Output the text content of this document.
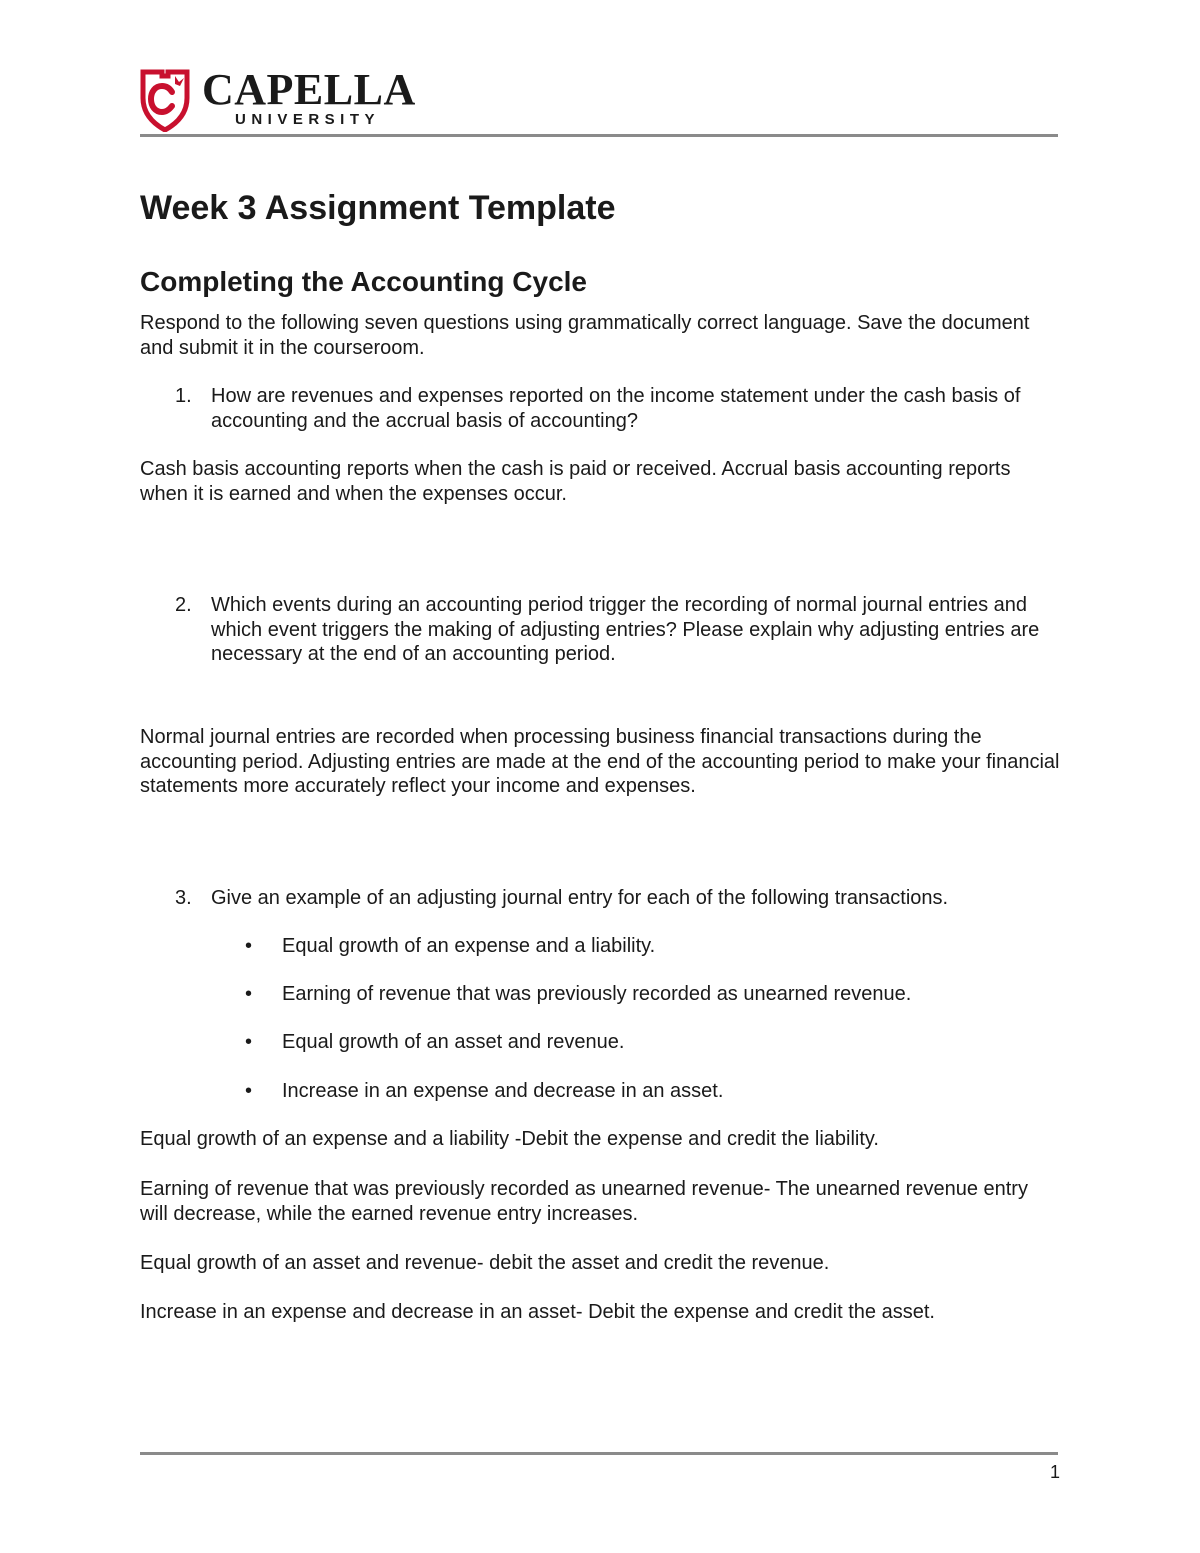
CAPELLA
UNIVERSITY
Week 3 Assignment Template
Completing the Accounting Cycle
Respond to the following seven questions using grammatically correct language. Save the document and submit it in the courseroom.
1. How are revenues and expenses reported on the income statement under the cash basis of accounting and the accrual basis of accounting?
Cash basis accounting reports when the cash is paid or received. Accrual basis accounting reports when it is earned and when the expenses occur.
2. Which events during an accounting period trigger the recording of normal journal entries and which event triggers the making of adjusting entries? Please explain why adjusting entries are necessary at the end of an accounting period.
Normal journal entries are recorded when processing business financial transactions during the accounting period. Adjusting entries are made at the end of the accounting period to make your financial statements more accurately reflect your income and expenses.
3. Give an example of an adjusting journal entry for each of the following transactions.
•	Equal growth of an expense and a liability.
•	Earning of revenue that was previously recorded as unearned revenue.
•	Equal growth of an asset and revenue.
•	Increase in an expense and decrease in an asset.
Equal growth of an expense and a liability -Debit the expense and credit the liability.
Earning of revenue that was previously recorded as unearned revenue- The unearned revenue entry will decrease, while the earned revenue entry increases.
Equal growth of an asset and revenue- debit the asset and credit the revenue.
Increase in an expense and decrease in an asset- Debit the expense and credit the asset.
1
